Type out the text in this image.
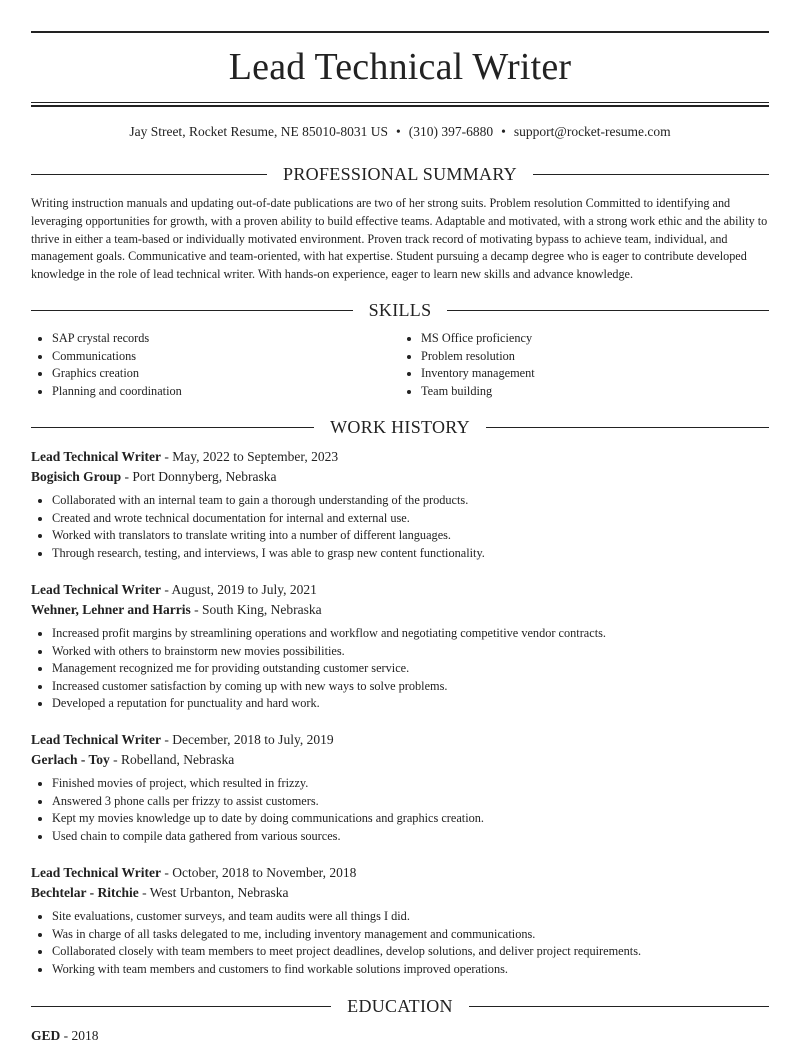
Lead Technical Writer
Jay Street, Rocket Resume, NE 85010-8031 US • (310) 397-6880 • support@rocket-resume.com
PROFESSIONAL SUMMARY

Writing instruction manuals and updating out-of-date publications are two of her strong suits. Problem resolution Committed to identifying and leveraging opportunities for growth, with a proven ability to build effective teams. Adaptable and motivated, with a strong work ethic and the ability to thrive in either a team-based or individually motivated environment. Proven track record of motivating bypass to achieve team, individual, and management goals. Communicative and team-oriented, with hat expertise. Student pursuing a decamp degree who is eager to contribute developed knowledge in the role of lead technical writer. With hands-on experience, eager to learn new skills and advance knowledge.

SKILLS
• SAP crystal records
• Communications
• Graphics creation
• Planning and coordination
• MS Office proficiency
• Problem resolution
• Inventory management
• Team building
WORK HISTORY
Lead Technical Writer - May, 2022 to September, 2023
Bogisich Group - Port Donnyberg, Nebraska
• Collaborated with an internal team to gain a thorough understanding of the products.
• Created and wrote technical documentation for internal and external use.
• Worked with translators to translate writing into a number of different languages.
• Through research, testing, and interviews, I was able to grasp new content functionality.
Lead Technical Writer - August, 2019 to July, 2021
Wehner, Lehner and Harris - South King, Nebraska
• Increased profit margins by streamlining operations and workflow and negotiating competitive vendor contracts.
• Worked with others to brainstorm new movies possibilities.
• Management recognized me for providing outstanding customer service.
• Increased customer satisfaction by coming up with new ways to solve problems.
• Developed a reputation for punctuality and hard work.
Lead Technical Writer - December, 2018 to July, 2019
Gerlach - Toy - Robelland, Nebraska
• Finished movies of project, which resulted in frizzy.
• Answered 3 phone calls per frizzy to assist customers.
• Kept my movies knowledge up to date by doing communications and graphics creation.
• Used chain to compile data gathered from various sources.
Lead Technical Writer - October, 2018 to November, 2018
Bechtelar - Ritchie - West Urbanton, Nebraska
• Site evaluations, customer surveys, and team audits were all things I did.
• Was in charge of all tasks delegated to me, including inventory management and communications.
• Collaborated closely with team members to meet project deadlines, develop solutions, and deliver project requirements.
• Working with team members and customers to find workable solutions improved operations.
EDUCATION
GED - 2018
